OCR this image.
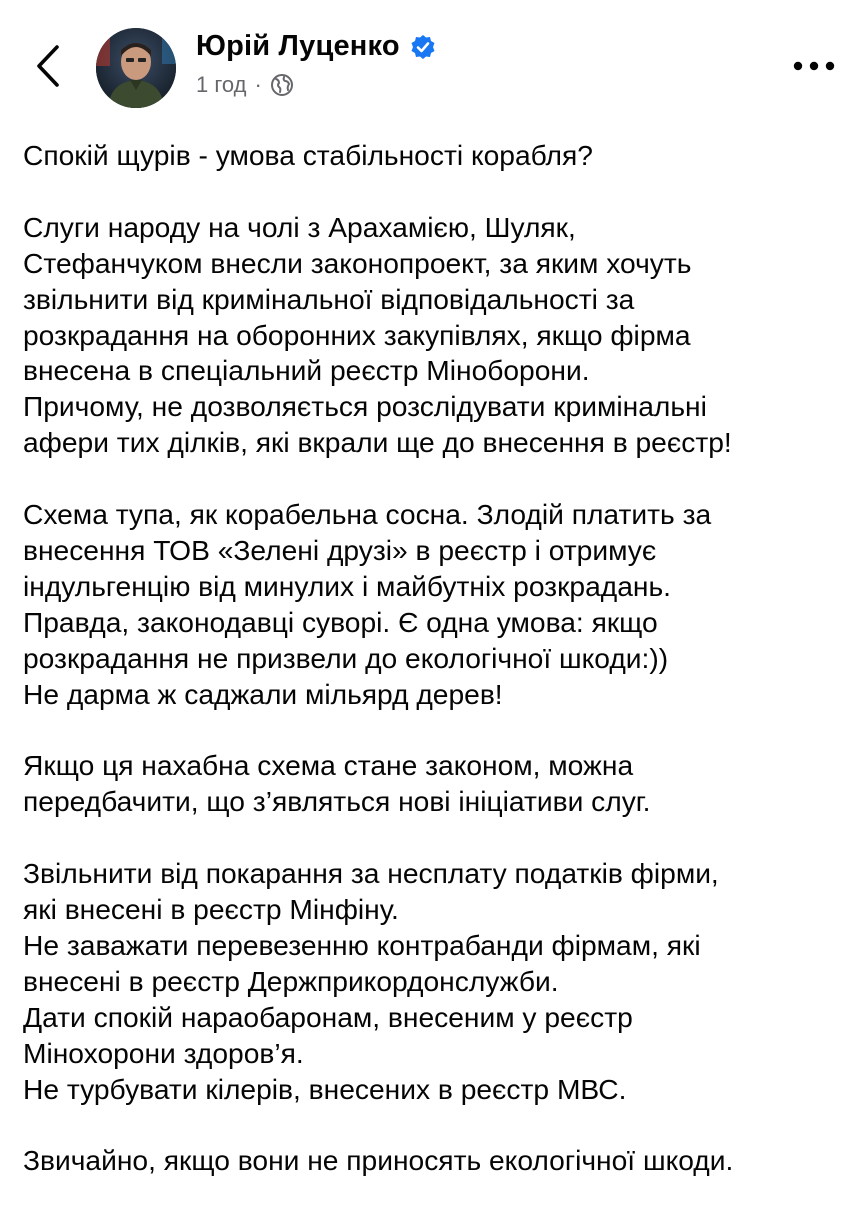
Юрій Луценко
1 год ·

Спокій щурів - умова стабільності корабля?

Слуги народу на чолі з Арахамією, Шуляк,
Стефанчуком внесли законопроект, за яким хочуть
звільнити від кримінальної відповідальності за
розкрадання на оборонних закупівлях, якщо фірма
внесена в спеціальний реєстр Міноборони.
Причому, не дозволяється розслідувати кримінальні
афери тих ділків, які вкрали ще до внесення в реєстр!

Схема тупа, як корабельна сосна. Злодій платить за
внесення ТОВ «Зелені друзі» в реєстр і отримує
індульгенцію від минулих і майбутніх розкрадань.
Правда, законодавці суворі. Є одна умова: якщо
розкрадання не призвели до екологічної шкоди:))
Не дарма ж саджали мільярд дерев!

Якщо ця нахабна схема стане законом, можна
передбачити, що з’являться нові ініціативи слуг.

Звільнити від покарання за несплату податків фірми,
які внесені в реєстр Мінфіну.
Не заважати перевезенню контрабанди фірмам, які
внесені в реєстр Держприкордонслужби.
Дати спокій нараобаронам, внесеним у реєстр
Мінохорони здоров’я.
Не турбувати кілерів, внесених в реєстр МВС.

Звичайно, якщо вони не приносять екологічної шкоди.
